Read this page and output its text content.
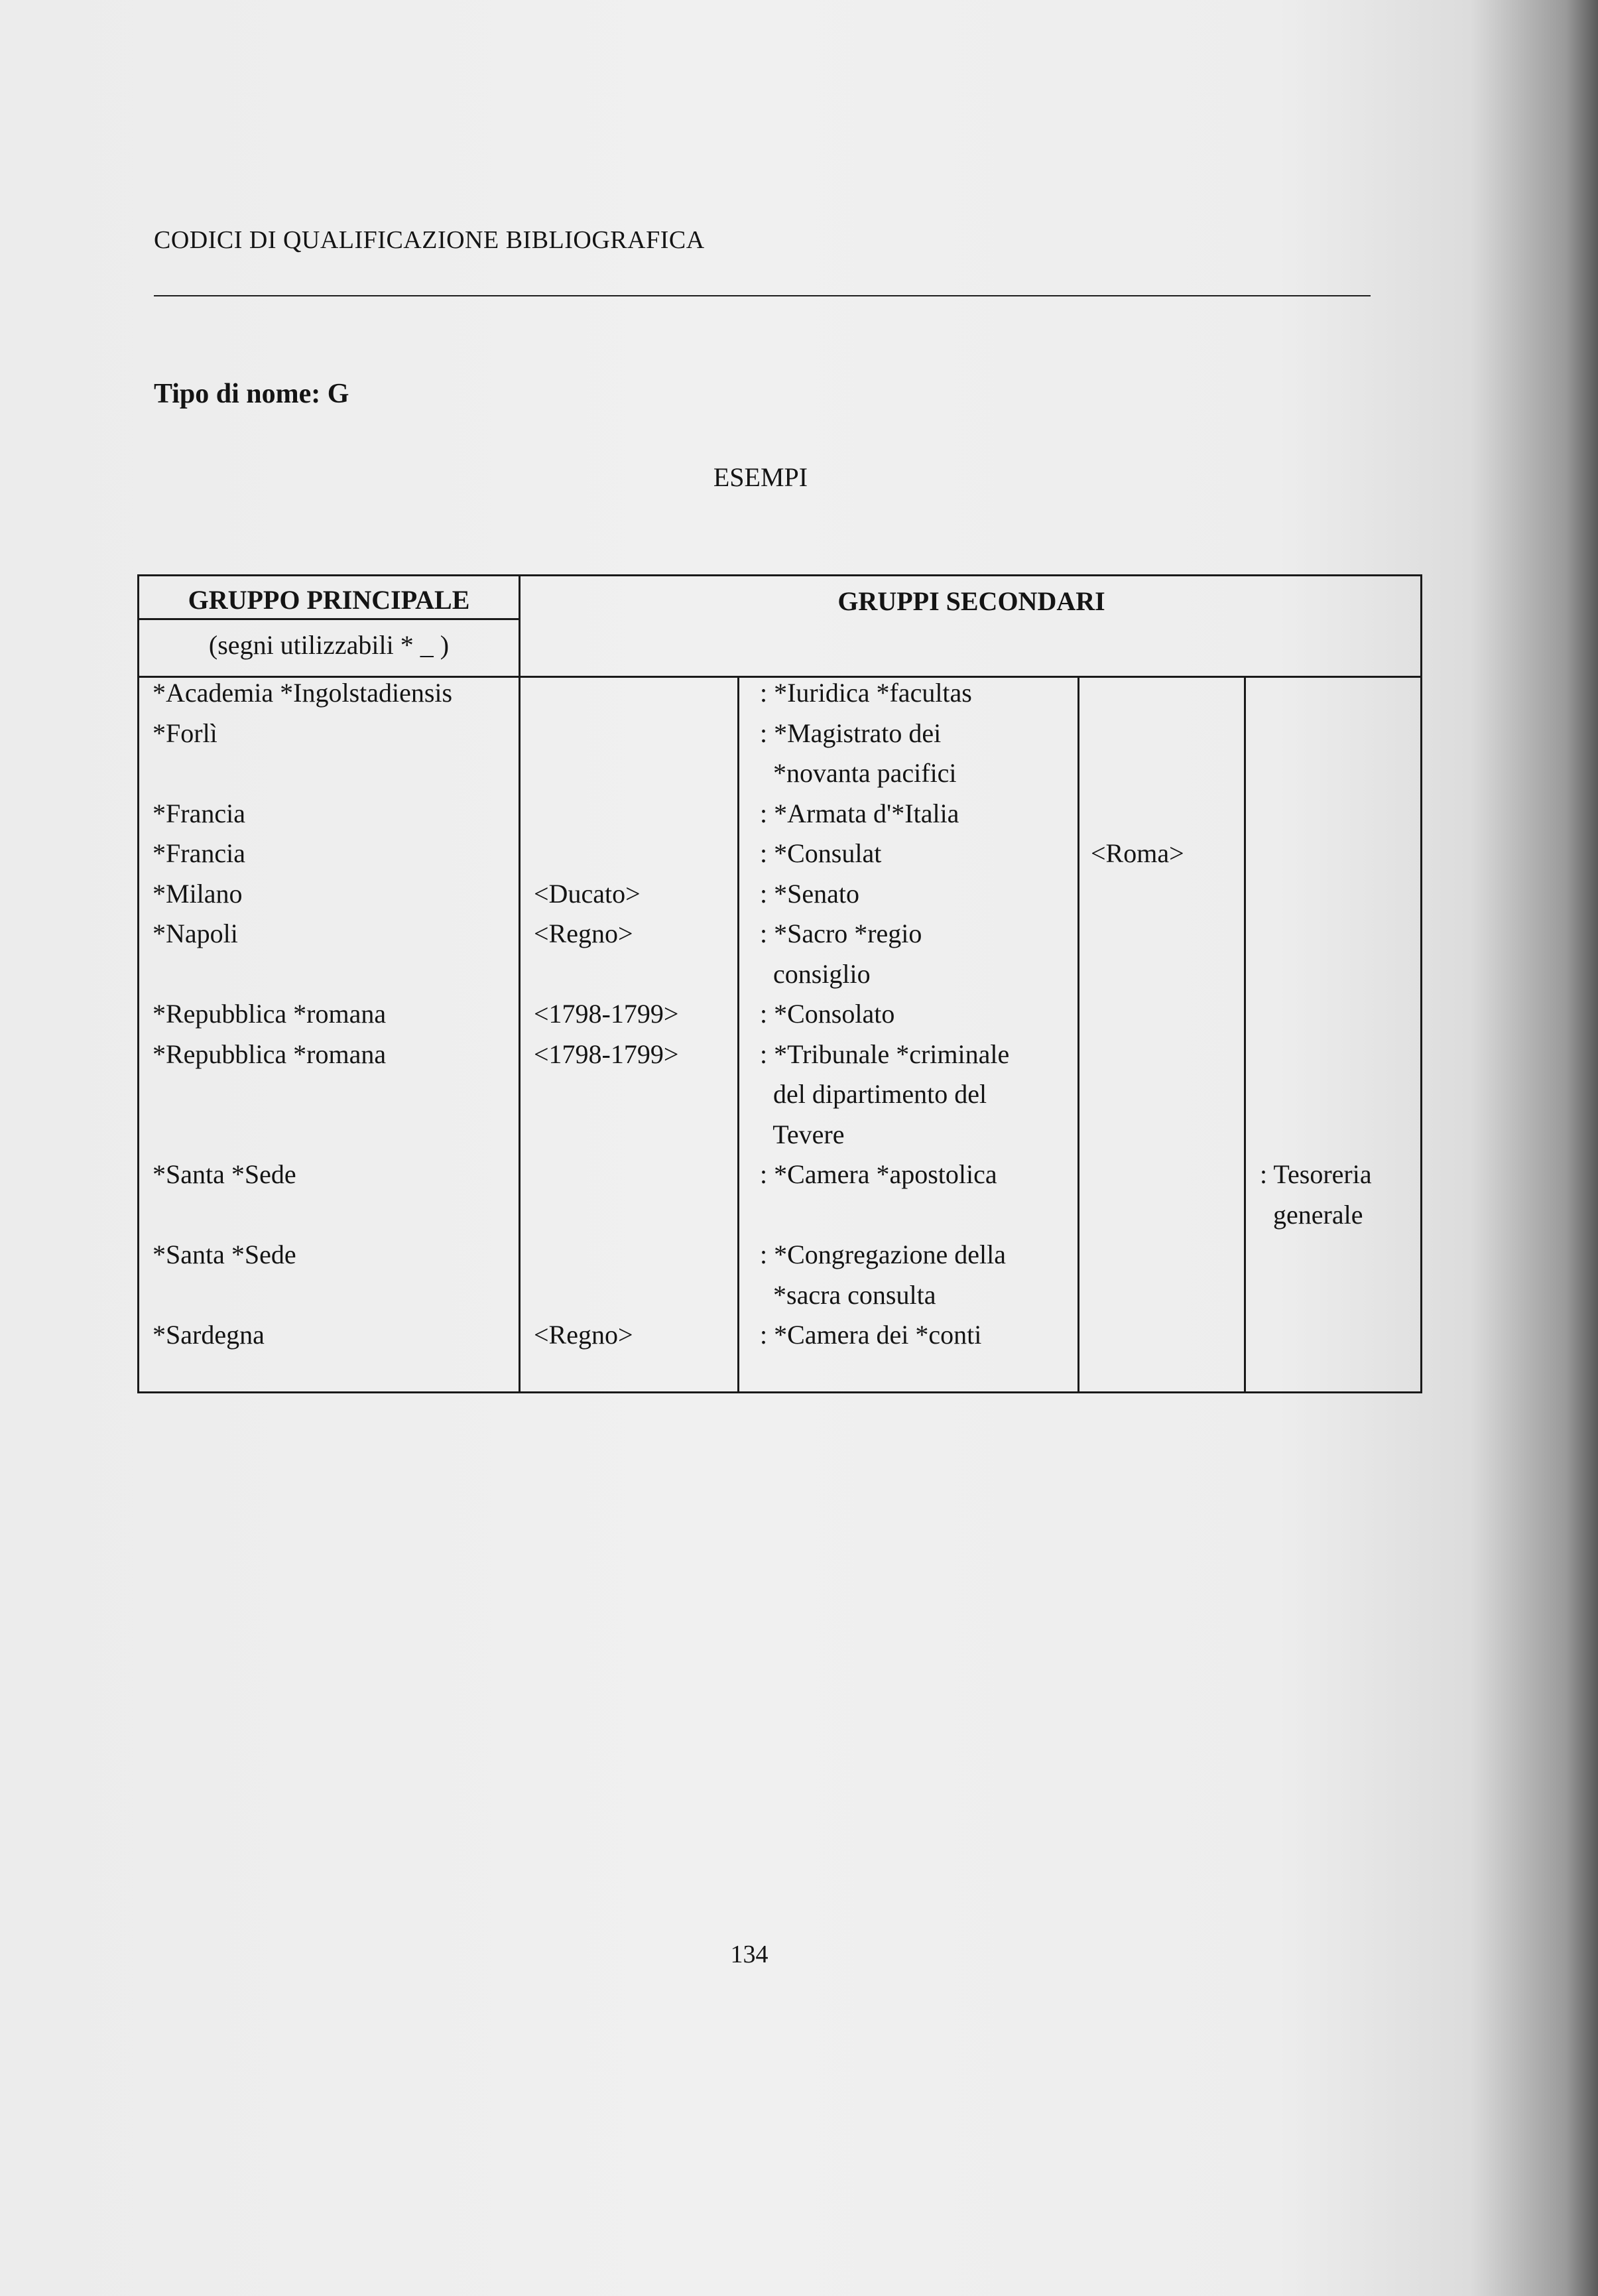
CODICI DI QUALIFICAZIONE BIBLIOGRAFICA
Tipo di nome: G
ESEMPI
GRUPPO PRINCIPALE
(segni utilizzabili * _ )
GRUPPI SECONDARI
*Academia *Ingolstadiensis
*Forlì
*Francia
*Francia
*Milano
*Napoli
*Repubblica *romana
*Repubblica *romana
*Santa *Sede
*Santa *Sede
*Sardegna
<Ducato>
<Regno>
<1798-1799>
<1798-1799>
<Regno>
: *Iuridica *facultas
: *Magistrato dei
*novanta pacifici
: *Armata d'*Italia
: *Consulat
: *Senato
: *Sacro *regio
consiglio
: *Consolato
: *Tribunale *criminale
del dipartimento del
Tevere
: *Camera *apostolica
: *Congregazione della
*sacra consulta
: *Camera dei *conti
<Roma>
: Tesoreria
generale
134
